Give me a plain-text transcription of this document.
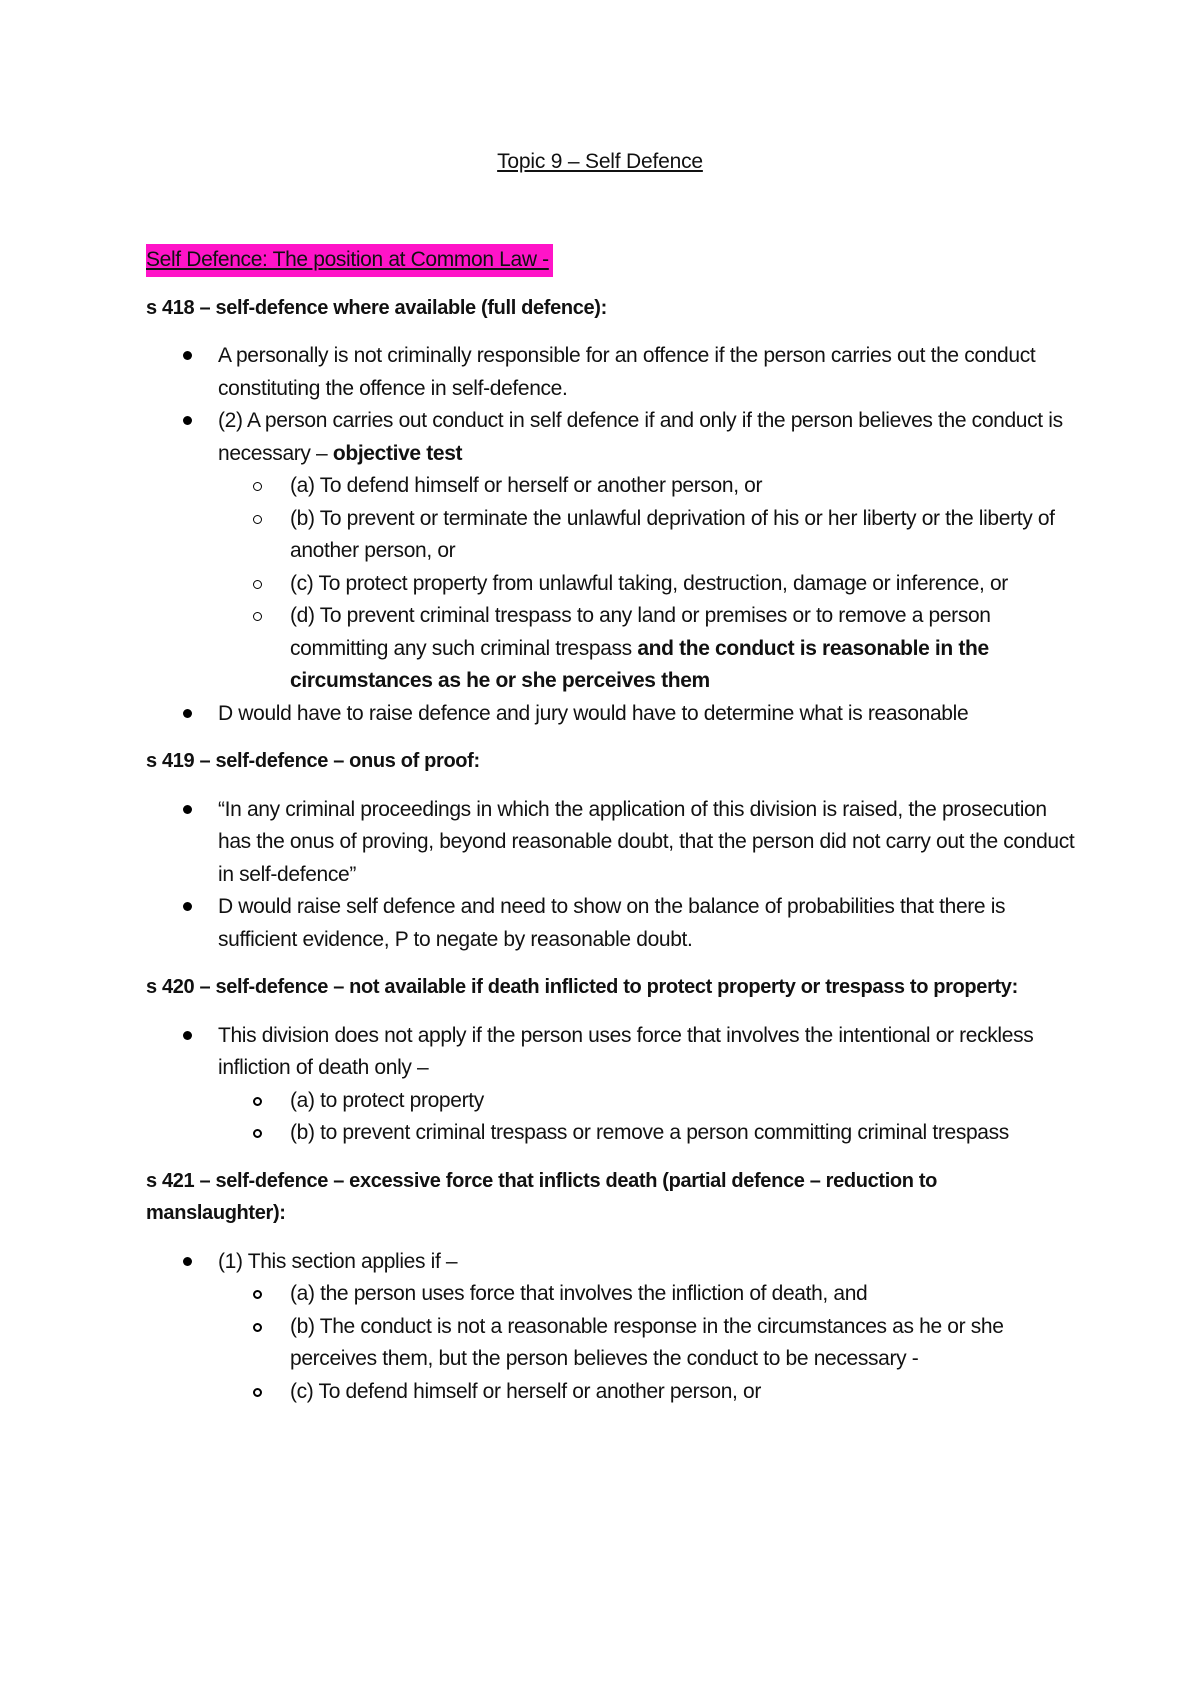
Topic 9 – Self Defence
Self Defence: The position at Common Law -

s 418 – self-defence where available (full defence):

A personally is not criminally responsible for an offence if the person carries out the conduct constituting the offence in self-defence.
(2) A person carries out conduct in self defence if and only if the person believes the conduct is necessary – objective test
(a) To defend himself or herself or another person, or
(b) To prevent or terminate the unlawful deprivation of his or her liberty or the liberty of another person, or
(c) To protect property from unlawful taking, destruction, damage or inference, or
(d) To prevent criminal trespass to any land or premises or to remove a person committing any such criminal trespass and the conduct is reasonable in the circumstances as he or she perceives them
D would have to raise defence and jury would have to determine what is reasonable

s 419 – self-defence – onus of proof:

“In any criminal proceedings in which the application of this division is raised, the prosecution has the onus of proving, beyond reasonable doubt, that the person did not carry out the conduct in self-defence”
D would raise self defence and need to show on the balance of probabilities that there is sufficient evidence, P to negate by reasonable doubt.

s 420 – self-defence – not available if death inflicted to protect property or trespass to property:

This division does not apply if the person uses force that involves the intentional or reckless infliction of death only –
(a) to protect property
(b) to prevent criminal trespass or remove a person committing criminal trespass

s 421 – self-defence – excessive force that inflicts death (partial defence – reduction to manslaughter):

(1) This section applies if –
(a) the person uses force that involves the infliction of death, and
(b) The conduct is not a reasonable response in the circumstances as he or she perceives them, but the person believes the conduct to be necessary -
(c) To defend himself or herself or another person, or
